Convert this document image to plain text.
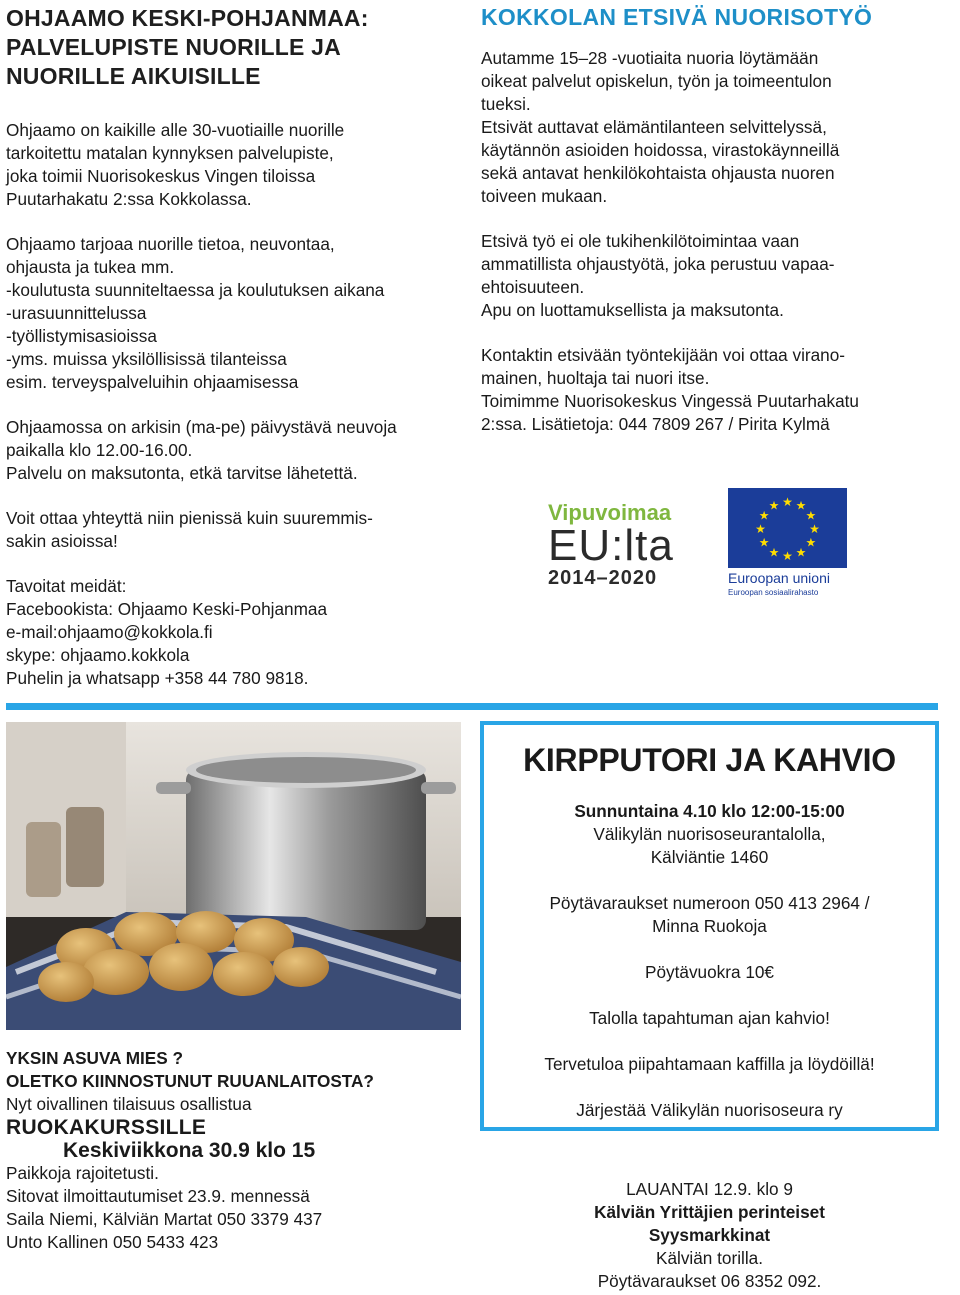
OHJAAMO KESKI-POHJANMAA:
PALVELUPISTE NUORILLE JA
NUORILLE AIKUISILLE
Ohjaamo on kaikille alle 30-vuotiaille nuorille
tarkoitettu matalan kynnyksen palvelupiste,
joka toimii Nuorisokeskus Vingen tiloissa
Puutarhakatu 2:ssa Kokkolassa.
Ohjaamo tarjoaa nuorille tietoa, neuvontaa,
ohjausta ja tukea mm.
-koulutusta suunniteltaessa ja koulutuksen aikana
-urasuunnittelussa
-työllistymisasioissa
-yms. muissa yksilöllisissä tilanteissa
esim. terveyspalveluihin ohjaamisessa
Ohjaamossa on arkisin (ma-pe) päivystävä neuvoja
paikalla klo 12.00-16.00.
Palvelu on maksutonta, etkä tarvitse lähetettä.
Voit ottaa yhteyttä niin pienissä kuin suuremmis-
sakin asioissa!
Tavoitat meidät:
Facebookista: Ohjaamo Keski-Pohjanmaa
e-mail:ohjaamo@kokkola.fi
skype: ohjaamo.kokkola
Puhelin ja whatsapp +358 44 780 9818.
KOKKOLAN ETSIVÄ NUORISOTYÖ
Autamme 15–28 -vuotiaita nuoria löytämään
oikeat palvelut opiskelun, työn ja toimeentulon
tueksi.
Etsivät auttavat elämäntilanteen selvittelyssä,
käytännön asioiden hoidossa, virastokäynneillä
sekä antavat henkilökohtaista ohjausta nuoren
toiveen mukaan.
Etsivä työ ei ole tukihenkilötoimintaa vaan
ammatillista ohjaustyötä, joka perustuu vapaa-
ehtoisuuteen.
Apu on luottamuksellista ja maksutonta.
Kontaktin etsivään työntekijään voi ottaa virano-
mainen, huoltaja tai nuori itse.
Toimimme Nuorisokeskus Vingessä Puutarhakatu
2:ssa. Lisätietoja: 044 7809 267 / Pirita Kylmä
Vipuvoimaa
EU:lta
2014–2020
★ ★
★
★
★
★
★
★
★
★
★
★
Euroopan unioni
Euroopan sosiaalirahasto
KIRPPUTORI JA KAHVIO
Sunnuntaina 4.10 klo 12:00-15:00
Välikylän nuorisoseurantalolla,
Kälviäntie 1460
Pöytävaraukset numeroon 050 413 2964 /
Minna Ruokoja
Pöytävuokra 10€
Talolla tapahtuman ajan kahvio!
Tervetuloa piipahtamaan kaffilla ja löydöillä!
Järjestää Välikylän nuorisoseura ry
YKSIN ASUVA MIES ?
OLETKO KIINNOSTUNUT RUUANLAITOSTA?
Nyt oivallinen tilaisuus osallistua
RUOKAKURSSILLE
Keskiviikkona 30.9 klo 15
Paikkoja rajoitetusti.
Sitovat ilmoittautumiset 23.9. mennessä
Saila Niemi, Kälviän Martat 050 3379 437
Unto Kallinen 050 5433 423
LAUANTAI 12.9. klo 9
Kälviän Yrittäjien perinteiset
Syysmarkkinat
Kälviän torilla.
Pöytävaraukset 06 8352 092.
